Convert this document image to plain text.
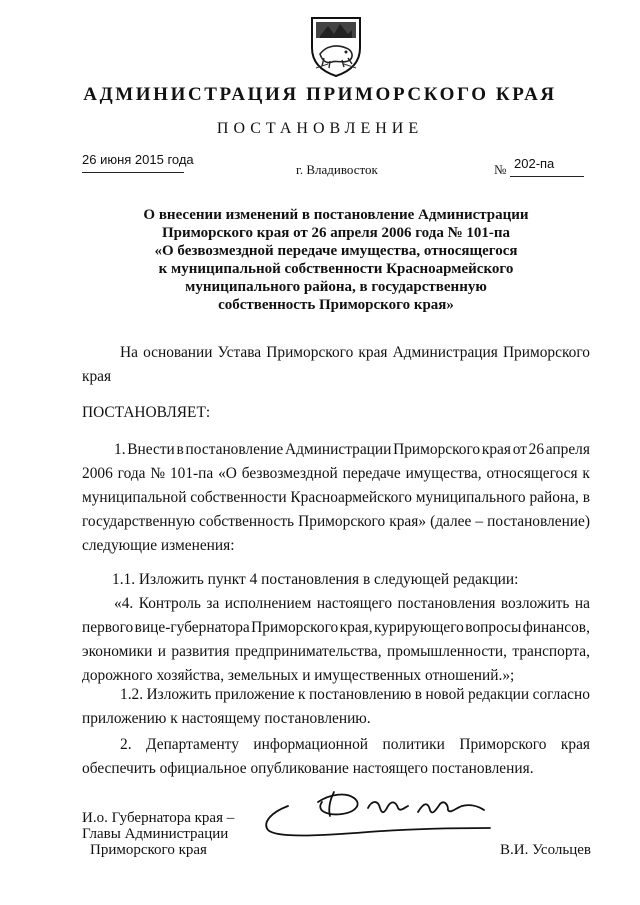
АДМИНИСТРАЦИЯ ПРИМОРСКОГО КРАЯ
ПОСТАНОВЛЕНИЕ
26 июня 2015 года
г. Владивосток	№ 202-па
О внесении изменений в постановление Администрации
Приморского края от 26 апреля 2006 года № 101-па
«О безвозмездной передаче имущества, относящегося
к муниципальной собственности Красноармейского
муниципального района, в государственную
собственность Приморского края»
На основании Устава Приморского края Администрация Приморского
края
ПОСТАНОВЛЯЕТ:
1. Внести в постановление Администрации Приморского края от 26 апреля
2006 года № 101-па «О безвозмездной передаче имущества, относящегося к
муниципальной собственности Красноармейского муниципального района, в
государственную собственность Приморского края» (далее – постановление)
следующие изменения:
1.1. Изложить пункт 4 постановления в следующей редакции:
«4. Контроль за исполнением настоящего постановления возложить на
первого вице-губернатора Приморского края, курирующего вопросы финансов,
экономики и развития предпринимательства, промышленности, транспорта,
дорожного хозяйства, земельных и имущественных отношений.»;
1.2. Изложить приложение к постановлению в новой редакции согласно
приложению к настоящему постановлению.
2. Департаменту информационной политики Приморского края
обеспечить официальное опубликование настоящего постановления.
И.о. Губернатора края –
Главы Администрации
Приморского края	В.И. Усольцев
